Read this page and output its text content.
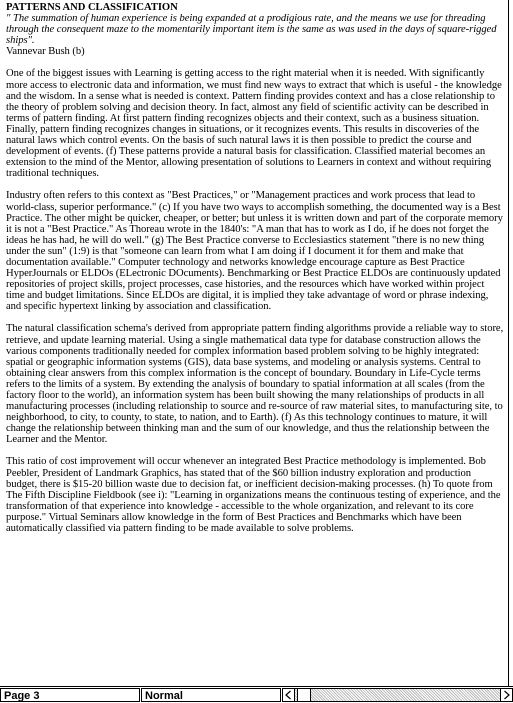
PATTERNS AND CLASSIFICATION

" The summation of human experience is being expanded at a prodigious rate, and the means we use for threading through the consequent maze to the momentarily important item is the same as was used in the days of square-rigged ships".

Vannevar Bush (b)

One of the biggest issues with Learning is getting access to the right material when it is needed. With significantly more access to electronic data and information, we must find new ways to extract that which is useful - the knowledge and the wisdom. In a sense what is needed is context. Pattern finding provides context and has a close relationship to the theory of problem solving and decision theory. In fact, almost any field of scientific activity can be described in terms of pattern finding. At first pattern finding recognizes objects and their context, such as a business situation. Finally, pattern finding recognizes changes in situations, or it recognizes events. This results in discoveries of the natural laws which control events. On the basis of such natural laws it is then possible to predict the course and development of events. (f) These patterns provide a natural basis for classification. Classified material becomes an extension to the mind of the Mentor, allowing presentation of solutions to Learners in context and without requiring traditional techniques.

Industry often refers to this context as "Best Practices," or "Management practices and work process that lead to world-class, superior performance." (c) If you have two ways to accomplish something, the documented way is a Best Practice. The other might be quicker, cheaper, or better; but unless it is written down and part of the corporate memory it is not a "Best Practice." As Thoreau wrote in the 1840's: "A man that has to work as I do, if he does not forget the ideas he has had, he will do well." (g) The Best Practice converse to Ecclesiastics statement "there is no new thing under the sun" (1:9) is that "someone can learn from what I am doing if I document it for them and make that documentation available." Computer technology and networks knowledge encourage capture as Best Practice HyperJournals or ELDOs (ELectronic DOcuments). Benchmarking or Best Practice ELDOs are continuously updated repositories of project skills, project processes, case histories, and the resources which have worked within project time and budget limitations. Since ELDOs are digital, it is implied they take advantage of word or phrase indexing, and specific hypertext linking by association and classification.

The natural classification schema's derived from appropriate pattern finding algorithms provide a reliable way to store, retrieve, and update learning material. Using a single mathematical data type for database construction allows the various components traditionally needed for complex information based problem solving to be highly integrated: spatial or geographic information systems (GIS), data base systems, and modeling or analysis systems. Central to obtaining clear answers from this complex information is the concept of boundary. Boundary in Life-Cycle terms refers to the limits of a system. By extending the analysis of boundary to spatial information at all scales (from the factory floor to the world), an information system has been built showing the many relationships of products in all manufacturing processes (including relationship to source and re-source of raw material sites, to manufacturing site, to neighborhood, to city, to county, to state, to nation, and to Earth). (f) As this technology continues to mature, it will change the relationship between thinking man and the sum of our knowledge, and thus the relationship between the Learner and the Mentor.

This ratio of cost improvement will occur whenever an integrated Best Practice methodology is implemented. Bob Peebler, President of Landmark Graphics, has stated that of the $60 billion industry exploration and production budget, there is $15-20 billion waste due to decision fat, or inefficient decision-making processes. (h) To quote from The Fifth Discipline Fieldbook (see i): "Learning in organizations means the continuous testing of experience, and the transformation of that experience into knowledge - accessible to the whole organization, and relevant to its core purpose." Virtual Seminars allow knowledge in the form of Best Practices and Benchmarks which have been automatically classified via pattern finding to be made available to solve problems.

Page 3	Normal
